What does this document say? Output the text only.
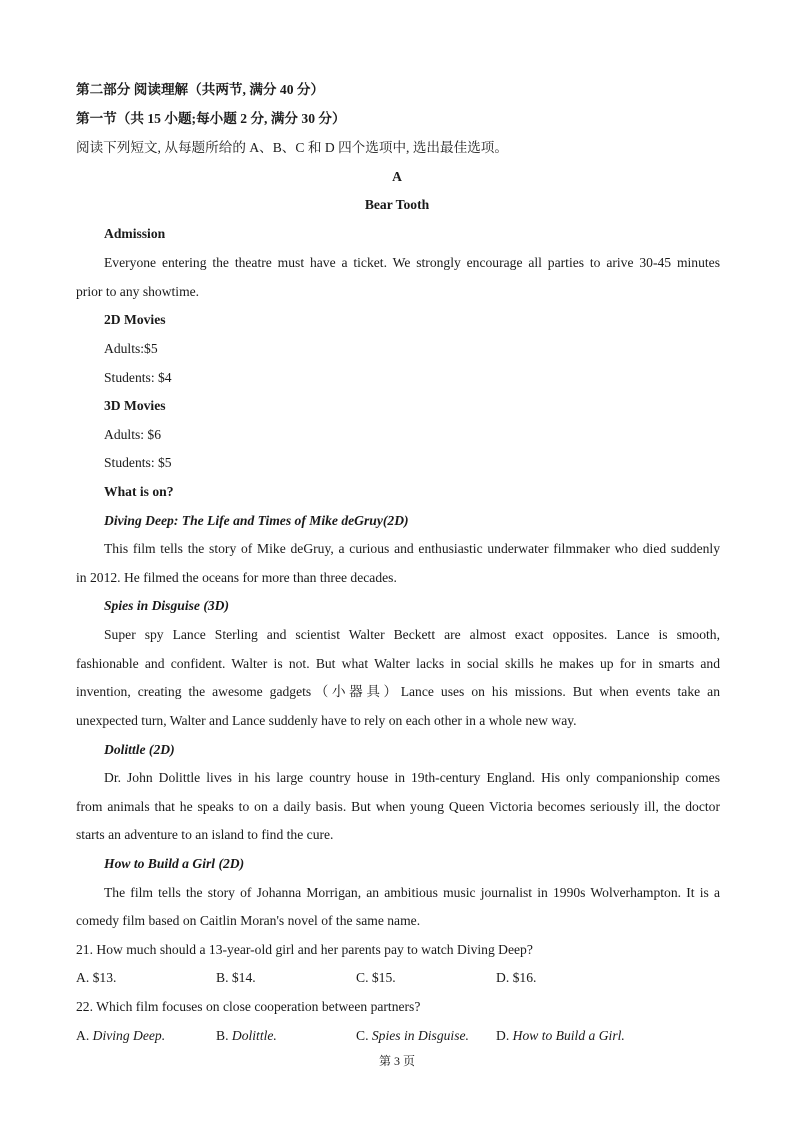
第二部分 阅读理解（共两节, 满分 40 分）
第一节（共 15 小题;每小题 2 分, 满分 30 分）
阅读下列短文, 从每题所给的 A、B、C 和 D 四个选项中, 选出最佳选项。
A
Bear Tooth
Admission
Everyone entering the theatre must have a ticket. We strongly encourage all parties to arive 30-45 minutes
prior to any showtime.
2D Movies
Adults:$5
Students: $4
3D Movies
Adults: $6
Students: $5
What is on?
Diving Deep: The Life and Times of Mike deGruy(2D)
This film tells the story of Mike deGruy, a curious and enthusiastic underwater filmmaker who died suddenly
in 2012. He filmed the oceans for more than three decades.
Spies in Disguise (3D)
Super spy Lance Sterling and scientist Walter Beckett are almost exact opposites. Lance is smooth,
fashionable and confident. Walter is not. But what Walter lacks in social skills he makes up for in smarts and
invention, creating the awesome gadgets（小器具）Lance uses on his missions. But when events take an
unexpected turn, Walter and Lance suddenly have to rely on each other in a whole new way.
Dolittle (2D)
Dr. John Dolittle lives in his large country house in 19th-century England. His only companionship comes
from animals that he speaks to on a daily basis. But when young Queen Victoria becomes seriously ill, the doctor
starts an adventure to an island to find the cure.
How to Build a Girl (2D)
The film tells the story of Johanna Morrigan, an ambitious music journalist in 1990s Wolverhampton. It is a
comedy film based on Caitlin Moran's novel of the same name.
21. How much should a 13-year-old girl and her parents pay to watch Diving Deep?
A. $13.	B. $14.	C. $15.	D. $16.
22. Which film focuses on close cooperation between partners?
A. Diving Deep.	B. Dolittle.	C. Spies in Disguise. D. How to Build a Girl.
第 3 页
